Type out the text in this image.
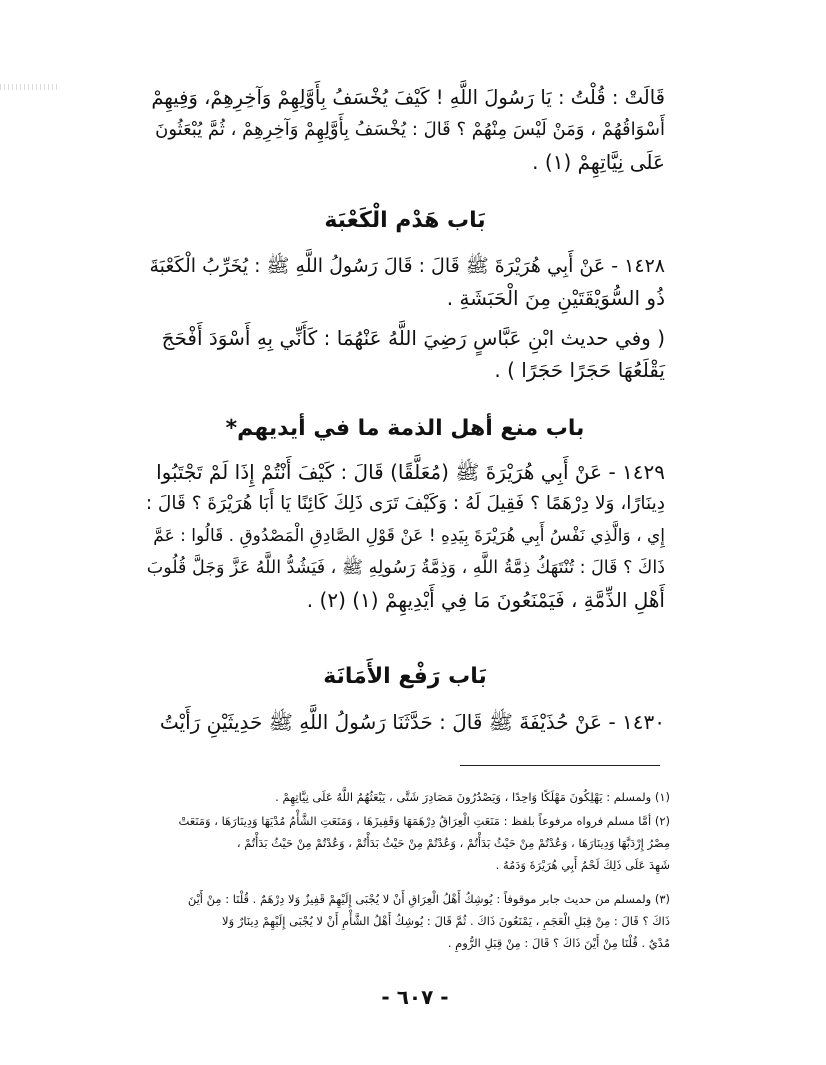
قَالَتْ : قُلْتُ : يَا رَسُولَ اللَّهِ ! كَيْفَ يُخْسَفُ بِأَوَّلِهِمْ وَآخِرِهِمْ، وَفِيهِمْ
أَسْوَاقُهُمْ ، وَمَنْ لَيْسَ مِنْهُمْ ؟ قَالَ : يُخْسَفُ بِأَوَّلِهِمْ وَآخِرِهِمْ ، ثُمَّ يُبْعَثُونَ
عَلَى نِيَّاتِهِمْ (١) .
بَاب هَدْم الْكَعْبَة
١٤٢٨ - عَنْ أَبِي هُرَيْرَةَ ﷺ قَالَ : قَالَ رَسُولُ اللَّهِ ﷺ : يُخَرِّبُ الْكَعْبَةَ
ذُو السُّوَيْقَتَيْنِ مِنَ الْحَبَشَةِ .
( وفي حديث ابْنِ عَبَّاسٍ رَضِيَ اللَّهُ عَنْهُمَا : كَأَنِّي بِهِ أَسْوَدَ أَفْحَجَ
يَقْلَعُهَا حَجَرًا حَجَرًا ) .
باب منع أهل الذمة ما في أيديهم*
١٤٢٩ - عَنْ أَبِي هُرَيْرَةَ ﷺ (مُعَلَّقًا) قَالَ : كَيْفَ أَنْتُمْ إِذَا لَمْ تَجْتَبُوا
دِينَارًا، وَلا دِرْهَمًا ؟ فَقِيلَ لَهُ : وَكَيْفَ تَرَى ذَلِكَ كَائِنًا يَا أَبَا هُرَيْرَةَ ؟ قَالَ :
إِي ، وَالَّذِي نَفْسُ أَبِي هُرَيْرَةَ بِيَدِهِ ! عَنْ قَوْلِ الصَّادِقِ الْمَصْدُوقِ . قَالُوا : عَمَّ
ذَاكَ ؟ قَالَ : تُنْتَهَكُ ذِمَّةُ اللَّهِ ، وَذِمَّةُ رَسُولِهِ ﷺ ، فَيَشُدُّ اللَّهُ عَزَّ وَجَلَّ قُلُوبَ
أَهْلِ الذِّمَّةِ ، فَيَمْنَعُونَ مَا فِي أَيْدِيهِمْ (١) (٢) .
بَاب رَفْع الأَمَانَة
١٤٣٠ - عَنْ حُذَيْفَةَ ﷺ قَالَ : حَدَّثَنَا رَسُولُ اللَّهِ ﷺ حَدِيثَيْنِ رَأَيْتُ
(١) ولمسلم : يَهْلِكُونَ مَهْلَكًا وَاحِدًا ، وَيَصْدُرُونَ مَصَادِرَ شَتَّى ، يَبْعَثُهُمُ اللَّهُ عَلَى نِيَّاتِهِمْ .
(٢) أمَّا مسلم فرواه مرفوعاً بلفظ : مَنَعَتِ الْعِرَاقُ دِرْهَمَهَا وَقَفِيزَهَا ، وَمَنَعَتِ الشَّأْمُ مُدْيَهَا وَدِينَارَهَا ، وَمَنَعَتْ
مِصْرُ إِرْدَبَّهَا وَدِينَارَهَا ، وَعُدْتُمْ مِنْ حَيْثُ بَدَأْتُمْ ، وَعُدْتُمْ مِنْ حَيْثُ بَدَأْتُمْ ، وَعُدْتُمْ مِنْ حَيْثُ بَدَأْتُمْ ،
شَهِدَ عَلَى ذَلِكَ لَحْمُ أَبِي هُرَيْرَةَ وَدَمُهُ .
(٣) ولمسلم من حديث جابر موقوفاً : يُوشِكُ أَهْلُ الْعِرَاقِ أَنْ لا يُجْبَى إِلَيْهِمْ قَفِيزٌ وَلا دِرْهَمٌ . قُلْنَا : مِنْ أَيْنَ
ذَاكَ ؟ قَالَ : مِنْ قِبَلِ الْعَجَمِ ، يَمْنَعُونَ ذَاكَ . ثُمَّ قَالَ : يُوشِكُ أَهْلُ الشَّأْمِ أَنْ لا يُجْبَى إِلَيْهِمْ دِينَارٌ وَلا
مُدْيٌ . قُلْنَا مِنْ أَيْنَ ذَاكَ ؟ قَالَ : مِنْ قِبَلِ الرُّومِ .
- ٦٠٧ -
